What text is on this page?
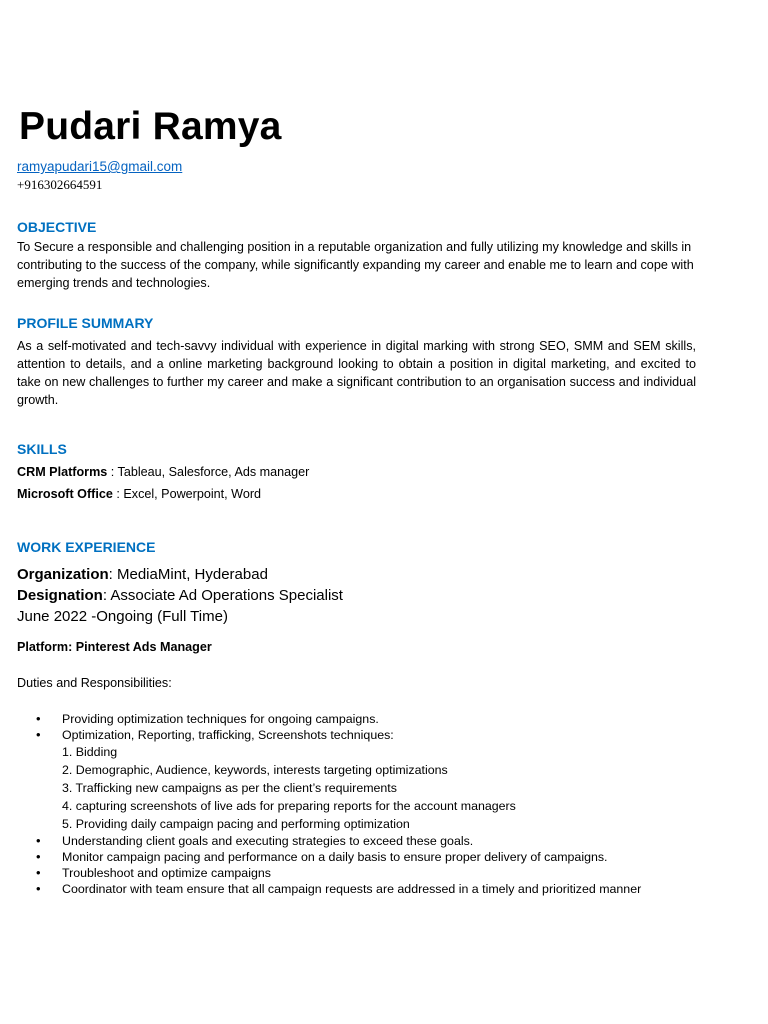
Pudari Ramya
ramyapudari15@gmail.com
+916302664591
OBJECTIVE
To Secure a responsible and challenging position in a reputable organization and fully utilizing my knowledge and skills in contributing to the success of the company, while significantly expanding my career and enable me to learn and cope with emerging trends and technologies.
PROFILE SUMMARY
As a self-motivated and tech-savvy individual with experience in digital marking with strong SEO, SMM and SEM skills, attention to details, and a online marketing background looking to obtain a position in digital marketing, and excited to take on new challenges to further my career and make a significant contribution to an organisation success and individual growth.
SKILLS
CRM Platforms : Tableau, Salesforce, Ads manager
Microsoft Office : Excel, Powerpoint, Word
WORK EXPERIENCE
Organization: MediaMint, Hyderabad
Designation: Associate Ad Operations Specialist
June 2022 -Ongoing (Full Time)
Platform: Pinterest Ads Manager
Duties and Responsibilities:
• Providing optimization techniques for ongoing campaigns.
• Optimization, Reporting, trafficking, Screenshots techniques:
1. Bidding
2. Demographic, Audience, keywords, interests targeting optimizations
3. Trafficking new campaigns as per the client’s requirements
4. capturing screenshots of live ads for preparing reports for the account managers
5. Providing daily campaign pacing and performing optimization
• Understanding client goals and executing strategies to exceed these goals.
• Monitor campaign pacing and performance on a daily basis to ensure proper delivery of campaigns.
• Troubleshoot and optimize campaigns
• Coordinator with team ensure that all campaign requests are addressed in a timely and prioritized manner
